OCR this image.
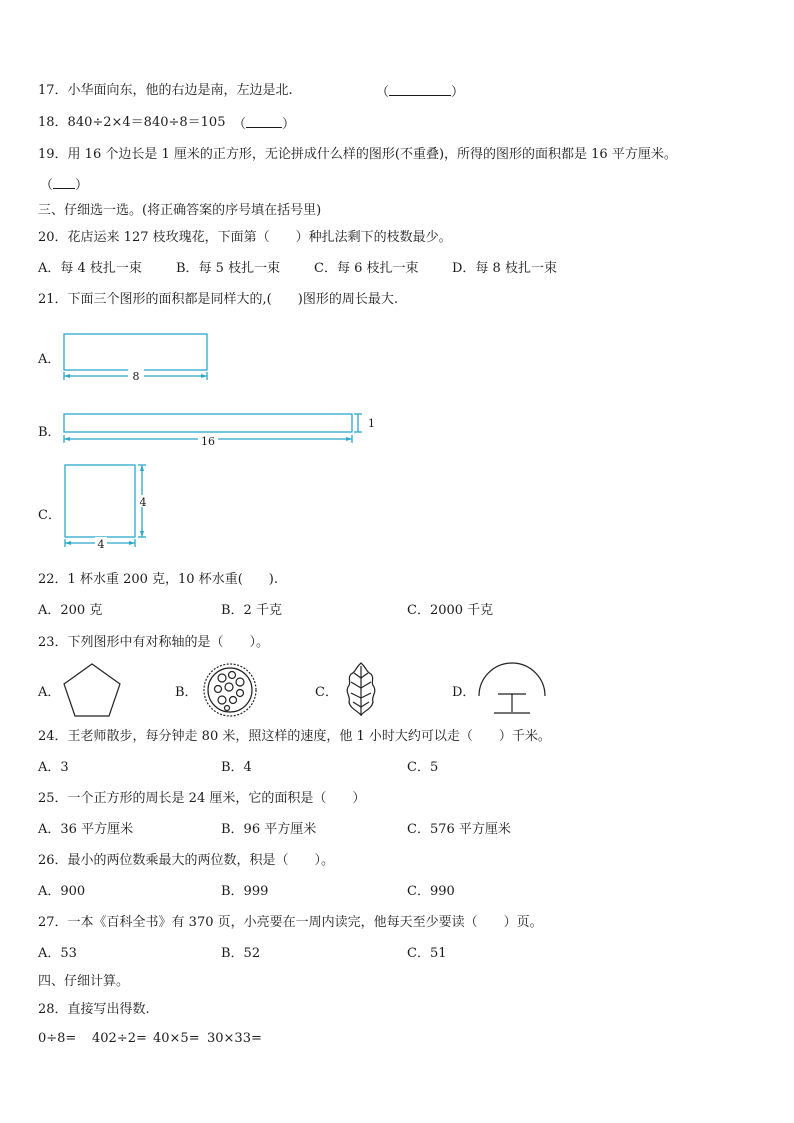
17．小华面向东，他的右边是南，左边是北.	（	）
18．840÷2×4＝840÷8＝105 （	）
19．用 16 个边长是 1 厘米的正方形，无论拼成什么样的图形(不重叠)，所得的图形的面积都是 16 平方厘米。
（ ）
三、仔细选一选。(将正确答案的序号填在括号里)
20．花店运来 127 枝玫瑰花，下面第（　　）种扎法剩下的枝数最少。
A．每 4 枝扎一束	B．每 5 枝扎一束	C．每 6 枝扎一束	D．每 8 枝扎一束
21．下面三个图形的面积都是同样大的,(　　)图形的周长最大.
A．
8
B．
16
1
C．
4
4
22．1 杯水重 200 克，10 杯水重(　　).
A．200 克	B．2 千克	C．2000 千克
23．下列图形中有对称轴的是（　　）。
A．	B．	C．	D．
24．王老师散步，每分钟走 80 米，照这样的速度，他 1 小时大约可以走（　　）千米。
A．3	B．4	C．5
25．一个正方形的周长是 24 厘米，它的面积是（　　）
A．36 平方厘米	B．96 平方厘米	C．576 平方厘米
26．最小的两位数乘最大的两位数，积是（　　）。
A．900	B．999	C．990
27．一本《百科全书》有 370 页，小亮要在一周内读完，他每天至少要读（　　）页。
A．53	B．52	C．51
四、仔细计算。
28．直接写出得数.
0÷8= 402÷2= 40×5= 30×33=
